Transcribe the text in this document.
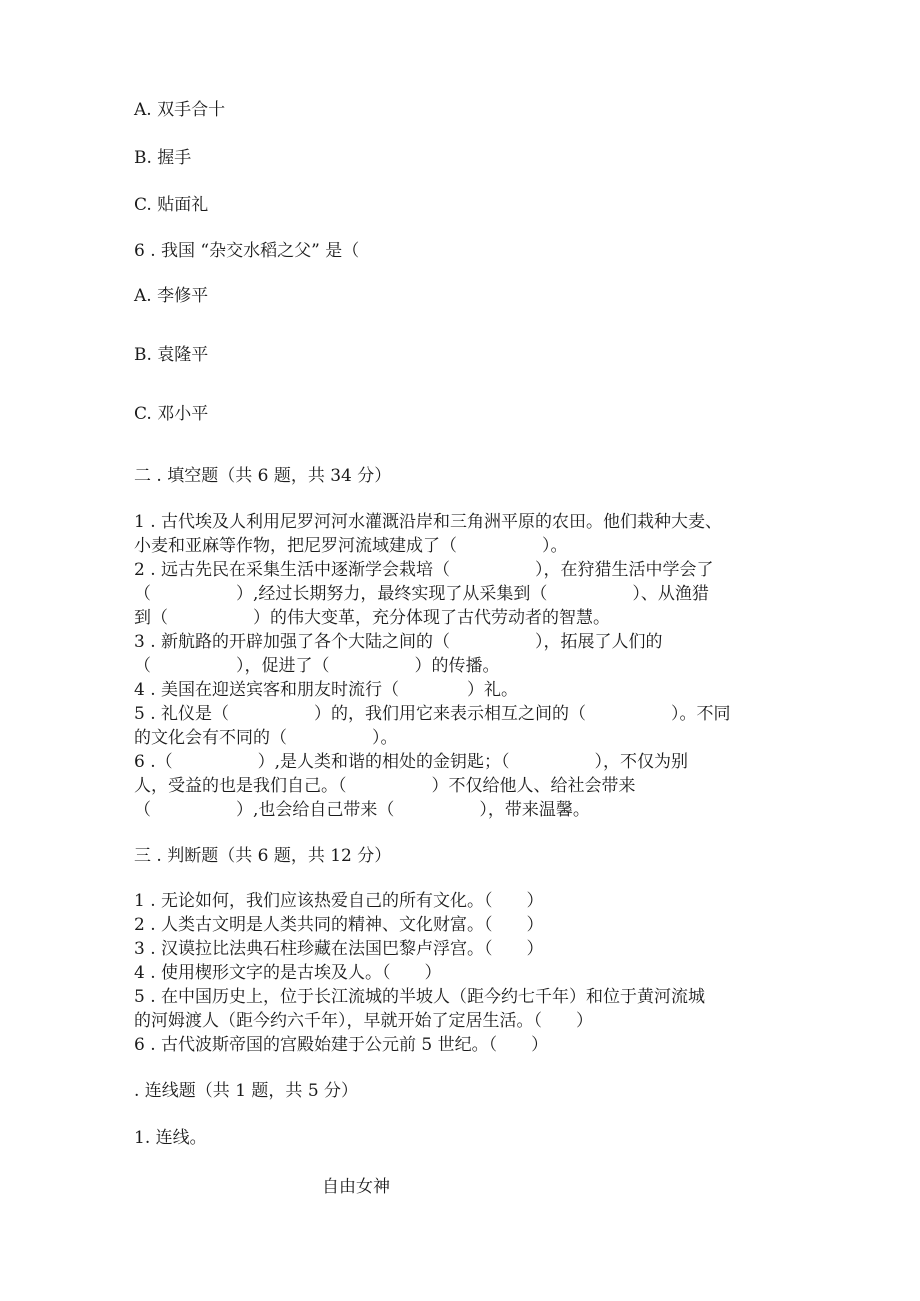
A. 双手合十
B. 握手
C. 贴面礼
6 . 我国 “杂交水稻之父” 是（
A. 李修平
B. 袁隆平
C. 邓小平
二 . 填空题（共 6 题，共 34 分）
1 . 古代埃及人利用尼罗河河水灌溉沿岸和三角洲平原的农田。他们栽种大麦、
小麦和亚麻等作物，把尼罗河流域建成了（　　　　　）。
2 . 远古先民在采集生活中逐渐学会栽培（　　　　　），在狩猎生活中学会了
（　　　　　）,经过长期努力，最终实现了从采集到（　　　　　）、从渔猎
到（　　　　　）的伟大变革，充分体现了古代劳动者的智慧。
3 . 新航路的开辟加强了各个大陆之间的（　　　　　），拓展了人们的
（　　　　　），促进了（　　　　　）的传播。
4 . 美国在迎送宾客和朋友时流行（　　　　）礼。
5 . 礼仪是（　　　　　）的，我们用它来表示相互之间的（　　　　　）。不同
的文化会有不同的（　　　　　）。
6 .（　　　　　）,是人类和谐的相处的金钥匙；（　　　　　），不仅为别
人，受益的也是我们自己。（　　　　　）不仅给他人、给社会带来
（　　　　　）,也会给自己带来（　　　　　），带来温馨。
三 . 判断题（共 6 题，共 12 分）
1 . 无论如何，我们应该热爱自己的所有文化。（　　）
2 . 人类古文明是人类共同的精神、文化财富。（　　）
3 . 汉谟拉比法典石柱珍藏在法国巴黎卢浮宫。（　　）
4 . 使用楔形文字的是古埃及人。（　　）
5 . 在中国历史上，位于长江流城的半坡人（距今约七千年）和位于黄河流城
的河姆渡人（距今约六千年），早就开始了定居生活。（　　）
6 . 古代波斯帝国的宫殿始建于公元前 5 世纪。（　　）
. 连线题（共 1 题，共 5 分）
1. 连线。
自由女神
